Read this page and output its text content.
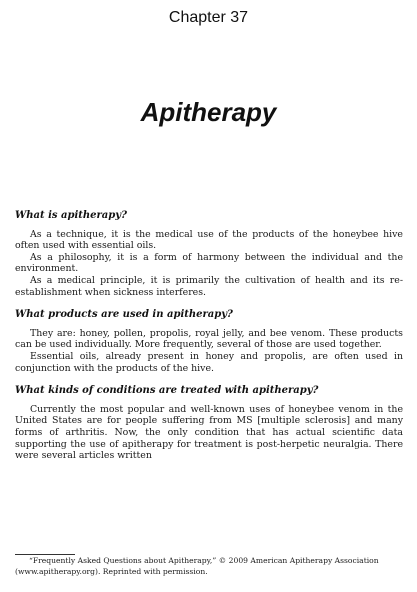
Chapter 37
Apitherapy
What is apitherapy?

As a technique, it is the medical use of the products of the honeybee hive often used with essential oils.

As a philosophy, it is a form of harmony between the individual and the environment.

As a medical principle, it is primarily the cultivation of health and its re-establishment when sickness interferes.

What products are used in apitherapy?

They are: honey, pollen, propolis, royal jelly, and bee venom. These products can be used individually. More frequently, several of those are used together.

Essential oils, already present in honey and propolis, are often used in conjunction with the products of the hive.

What kinds of conditions are treated with apitherapy?

Currently the most popular and well-known uses of honeybee venom in the United States are for people suffering from MS [multiple sclerosis] and many forms of arthritis. Now, the only condition that has actual scientific data supporting the use of apitherapy for treatment is post-herpetic neuralgia. There were several articles written

“Frequently Asked Questions about Apitherapy,” © 2009 American Apitherapy Association (www.apitherapy.org). Reprinted with permission.
